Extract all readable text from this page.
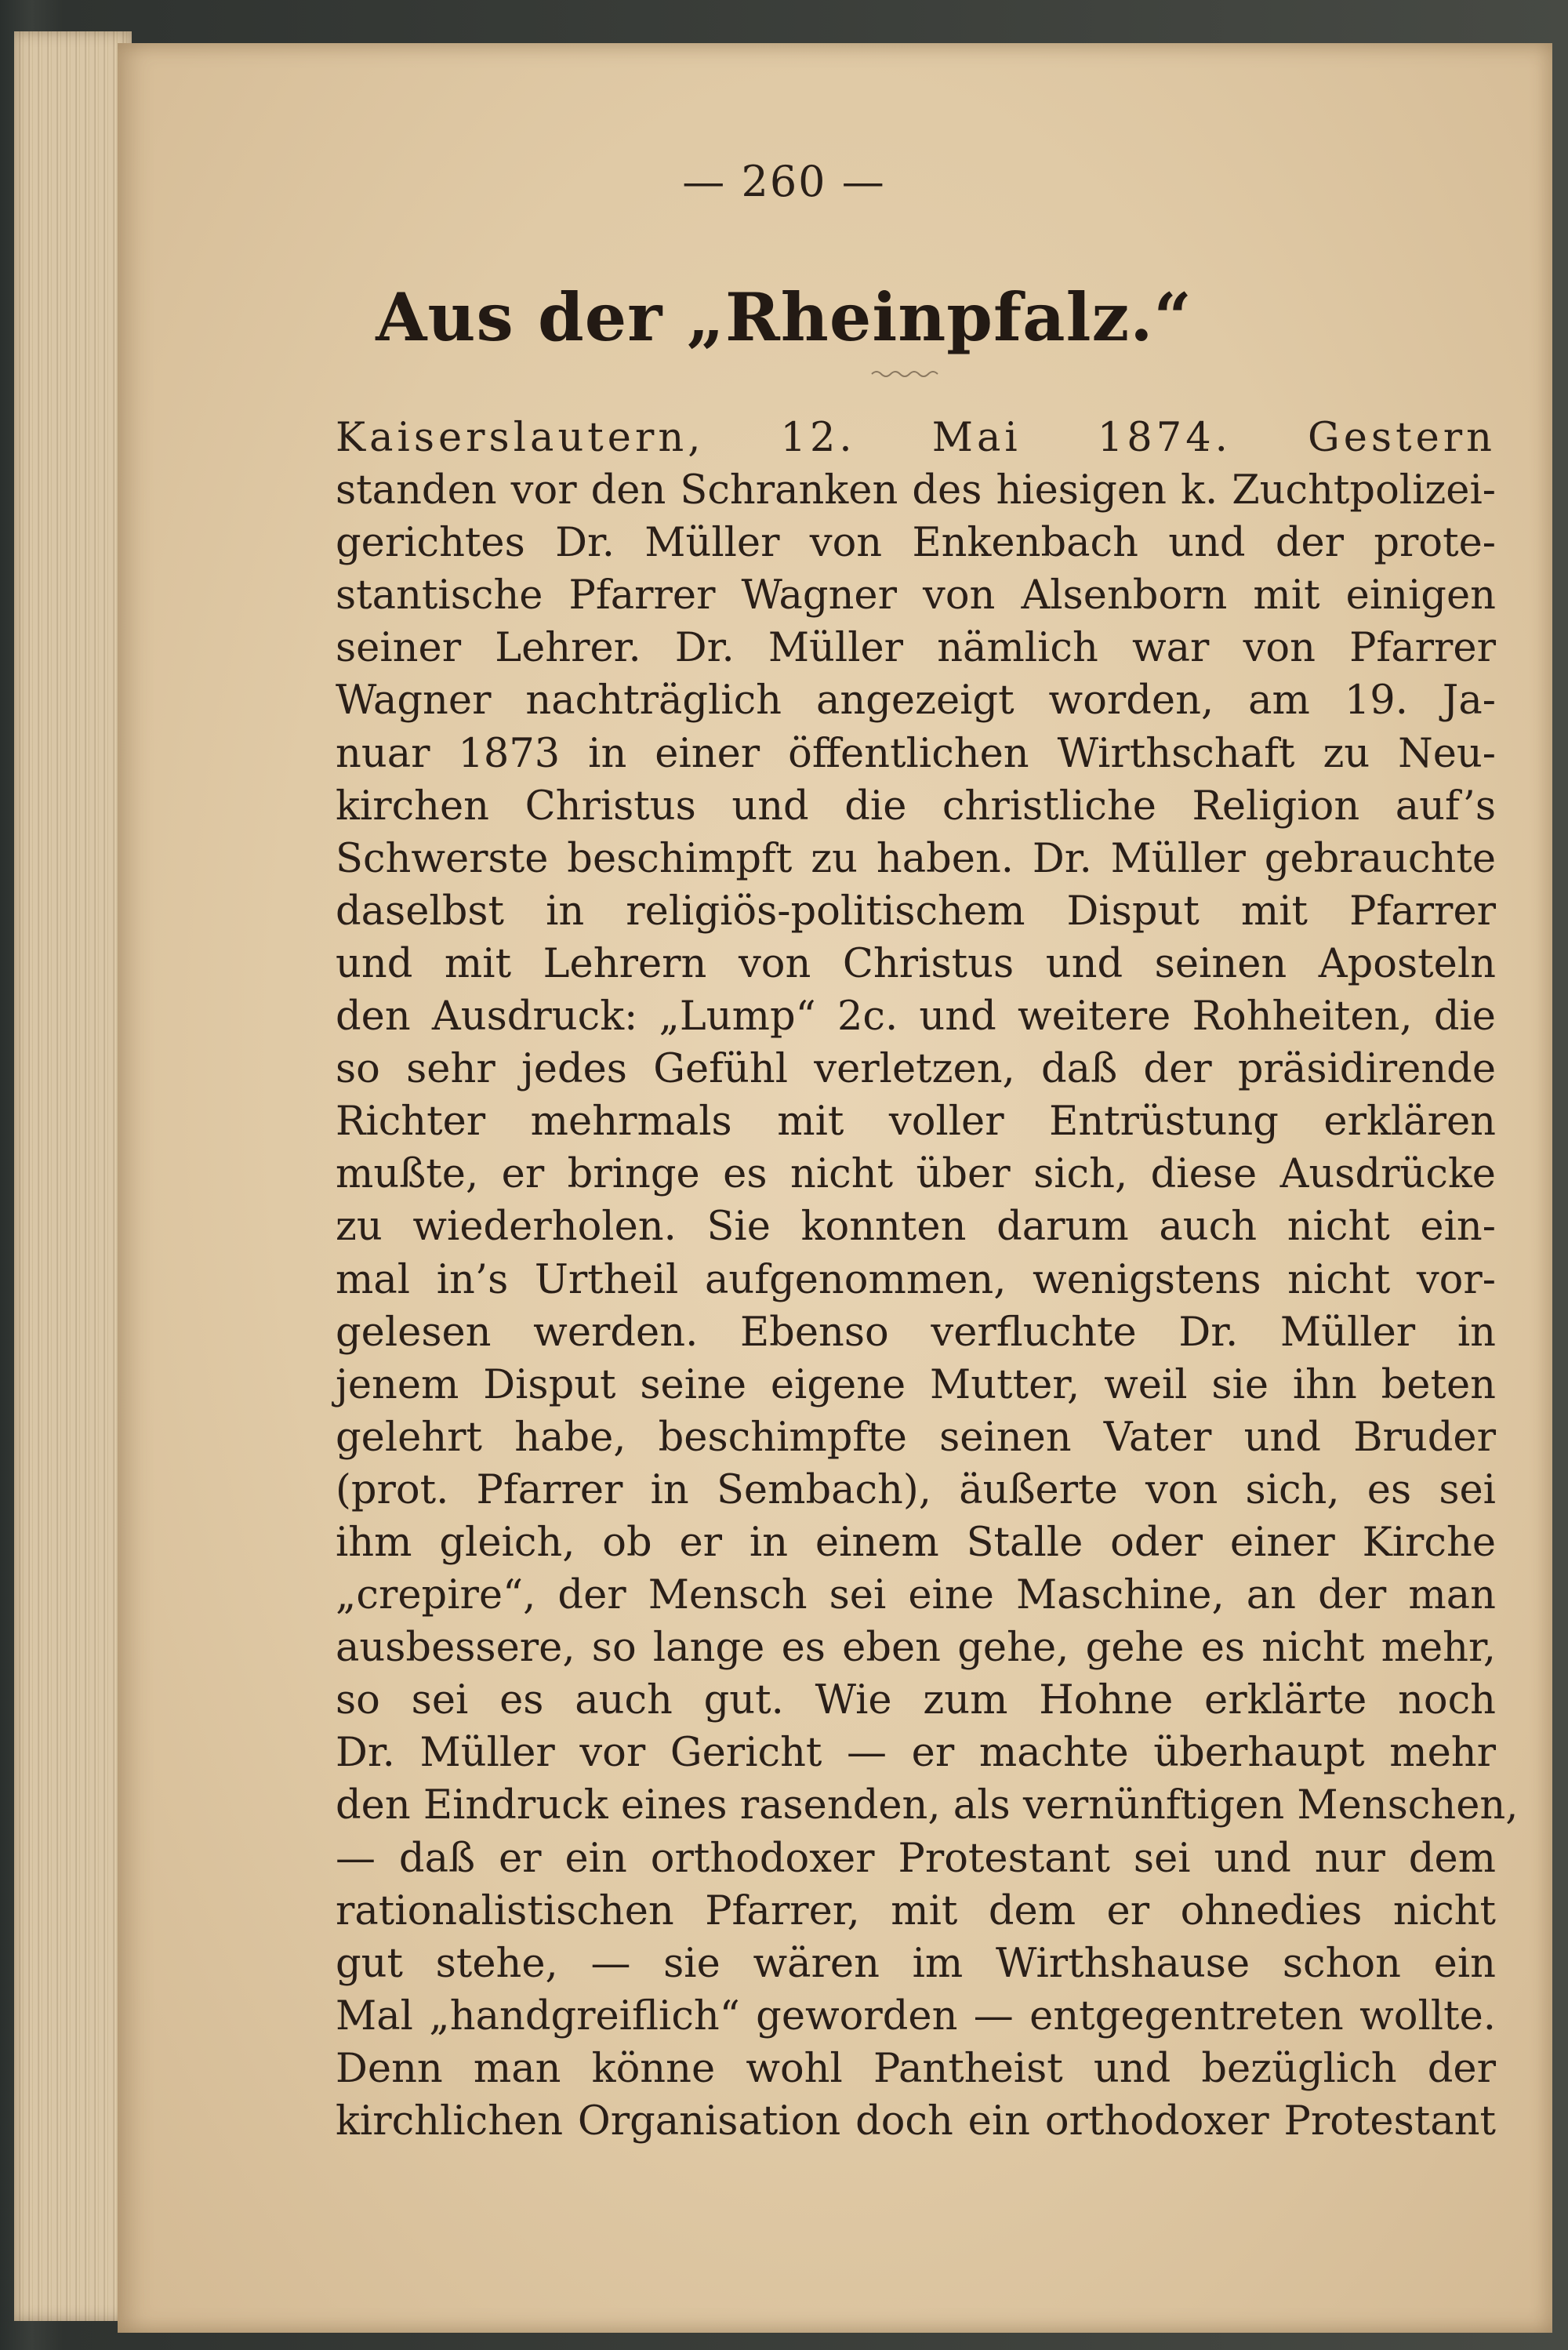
— 260 —
Aus der „Rheinpfalz.“
Kaiserslautern, 12. Mai 1874. Gestern
standen vor den Schranken des hiesigen k. Zuchtpolizei-
gerichtes Dr. Müller von Enkenbach und der prote-
stantische Pfarrer Wagner von Alsenborn mit einigen
seiner Lehrer. Dr. Müller nämlich war von Pfarrer
Wagner nachträglich angezeigt worden, am 19. Ja-
nuar 1873 in einer öffentlichen Wirthschaft zu Neu-
kirchen Christus und die christliche Religion auf’s
Schwerste beschimpft zu haben. Dr. Müller gebrauchte
daselbst in religiös-politischem Disput mit Pfarrer
und mit Lehrern von Christus und seinen Aposteln
den Ausdruck: „Lump“ 2c. und weitere Rohheiten, die
so sehr jedes Gefühl verletzen, daß der präsidirende
Richter mehrmals mit voller Entrüstung erklären
mußte, er bringe es nicht über sich, diese Ausdrücke
zu wiederholen. Sie konnten darum auch nicht ein-
mal in’s Urtheil aufgenommen, wenigstens nicht vor-
gelesen werden. Ebenso verfluchte Dr. Müller in
jenem Disput seine eigene Mutter, weil sie ihn beten
gelehrt habe, beschimpfte seinen Vater und Bruder
(prot. Pfarrer in Sembach), äußerte von sich, es sei
ihm gleich, ob er in einem Stalle oder einer Kirche
„crepire“, der Mensch sei eine Maschine, an der man
ausbessere, so lange es eben gehe, gehe es nicht mehr,
so sei es auch gut. Wie zum Hohne erklärte noch
Dr. Müller vor Gericht — er machte überhaupt mehr
den Eindruck eines rasenden, als vernünftigen Menschen,
— daß er ein orthodoxer Protestant sei und nur dem
rationalistischen Pfarrer, mit dem er ohnedies nicht
gut stehe, — sie wären im Wirthshause schon ein
Mal „handgreiflich“ geworden — entgegentreten wollte.
Denn man könne wohl Pantheist und bezüglich der
kirchlichen Organisation doch ein orthodoxer Protestant
